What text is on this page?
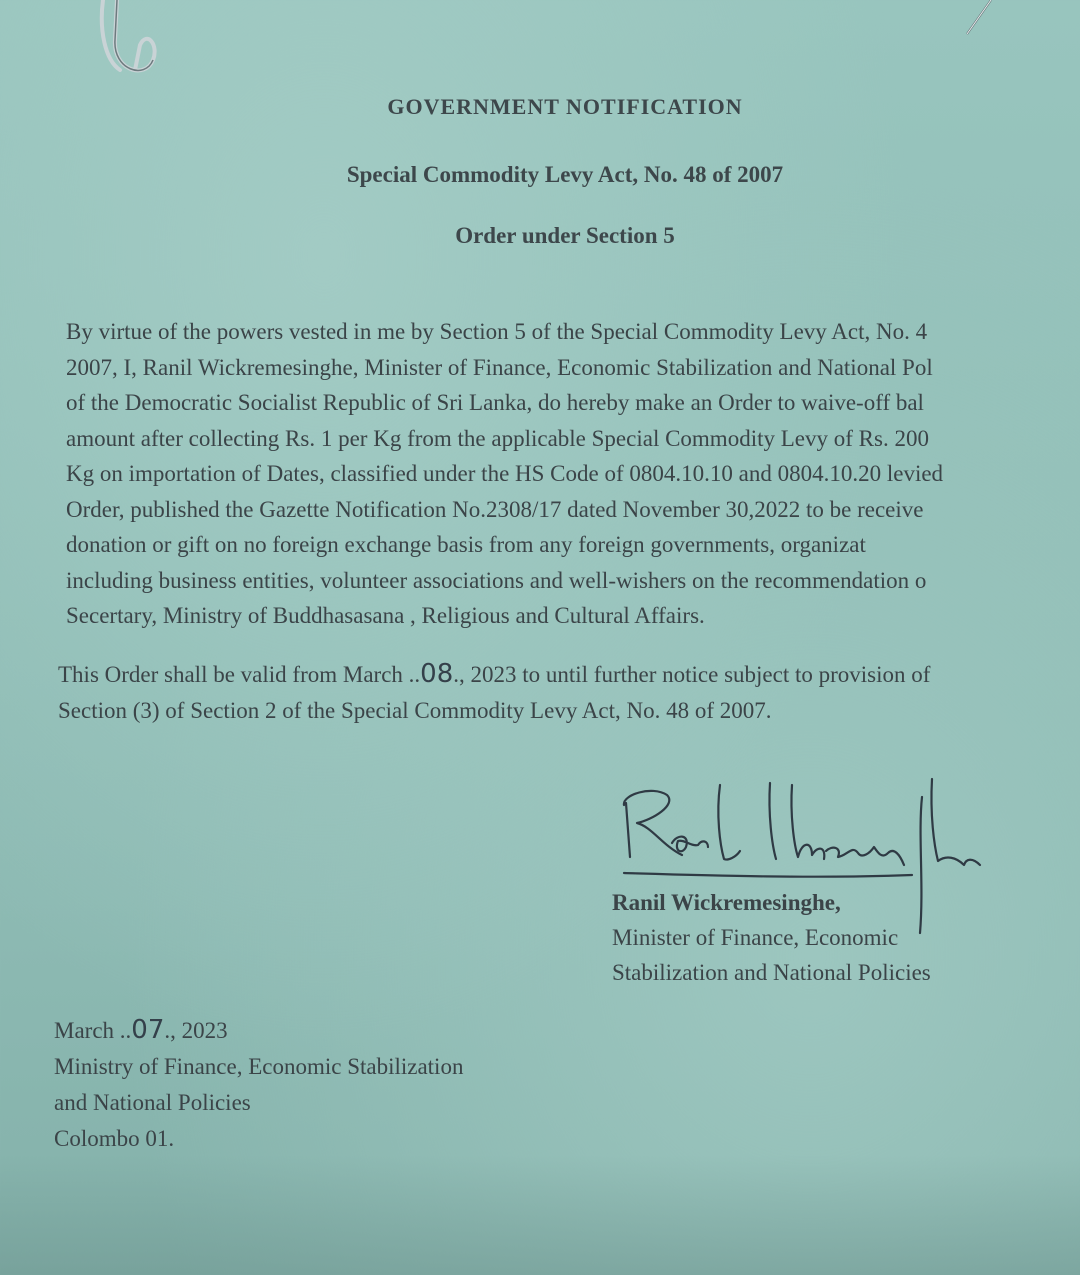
GOVERNMENT NOTIFICATION
Special Commodity Levy Act, No. 48 of 2007
Order under Section 5
By virtue of the powers vested in me by Section 5 of the Special Commodity Levy Act, No. 4
2007, I, Ranil Wickremesinghe, Minister of Finance, Economic Stabilization and National Pol
of the Democratic Socialist Republic of Sri Lanka, do hereby make an Order to waive-off bal
amount after collecting Rs. 1 per Kg from the applicable Special Commodity Levy of Rs. 200
Kg on importation of Dates, classified under the HS Code of 0804.10.10 and 0804.10.20 levied
Order, published the Gazette Notification No.2308/17 dated November 30,2022 to be receive
donation or gift on no foreign exchange basis from any foreign governments, organizat
including business entities, volunteer associations and well-wishers on the recommendation o
Secertary, Ministry of Buddhasasana , Religious and Cultural Affairs.
This Order shall be valid from March ..08., 2023 to until further notice subject to provision of
Section (3) of Section 2 of the Special Commodity Levy Act, No. 48 of 2007.
Ranil Wickremesinghe,
Minister of Finance, Economic
Stabilization and National Policies
March ..07., 2023
Ministry of Finance, Economic Stabilization
and National Policies
Colombo 01.
